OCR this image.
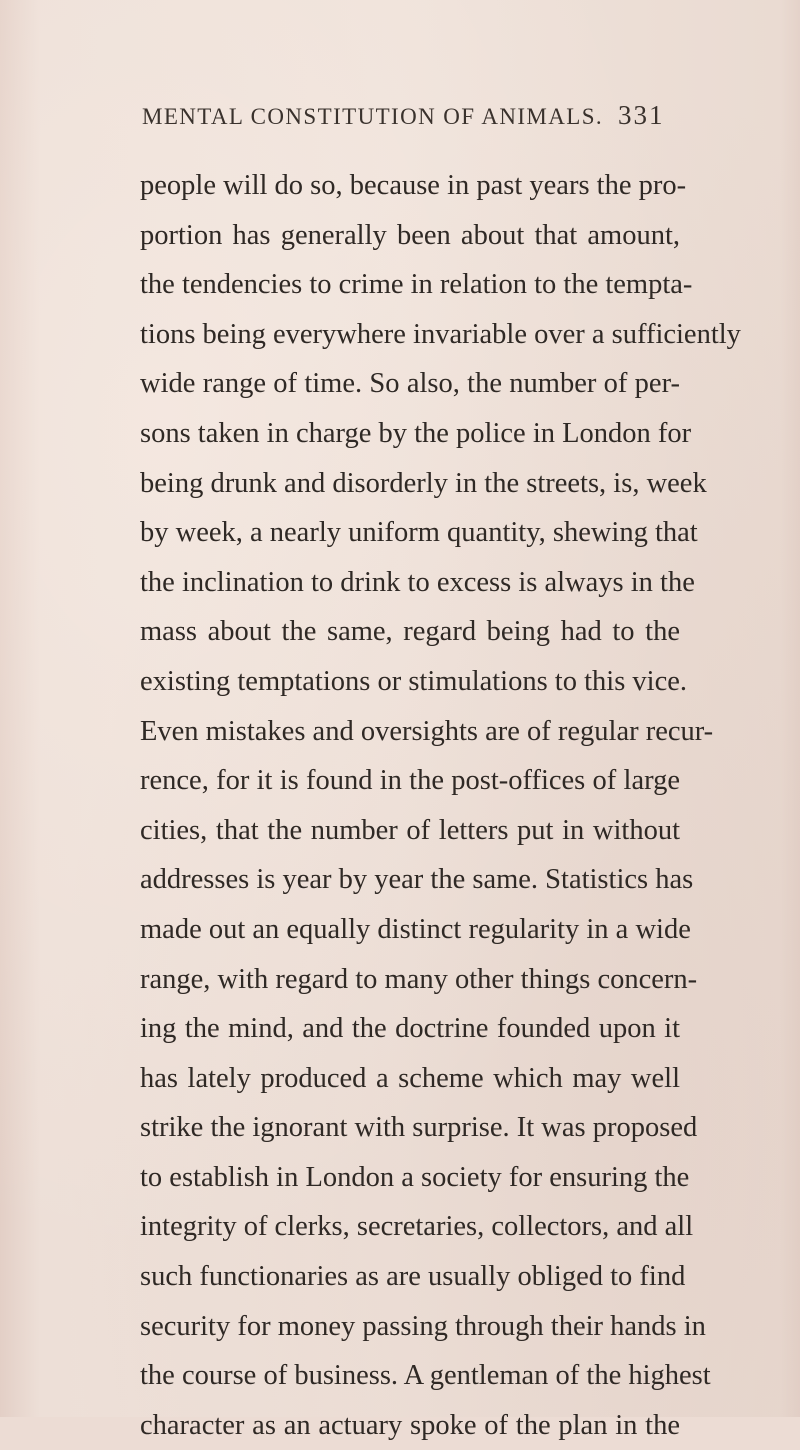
MENTAL CONSTITUTION OF ANIMALS. 331
people will do so, because in past years the pro-
portion has generally been about that amount,
the tendencies to crime in relation to the tempta-
tions being everywhere invariable over a sufficiently
wide range of time. So also, the number of per-
sons taken in charge by the police in London for
being drunk and disorderly in the streets, is, week
by week, a nearly uniform quantity, shewing that
the inclination to drink to excess is always in the
mass about the same, regard being had to the
existing temptations or stimulations to this vice.
Even mistakes and oversights are of regular recur-
rence, for it is found in the post-offices of large
cities, that the number of letters put in without
addresses is year by year the same. Statistics has
made out an equally distinct regularity in a wide
range, with regard to many other things concern-
ing the mind, and the doctrine founded upon it
has lately produced a scheme which may well
strike the ignorant with surprise. It was proposed
to establish in London a society for ensuring the
integrity of clerks, secretaries, collectors, and all
such functionaries as are usually obliged to find
security for money passing through their hands in
the course of business. A gentleman of the highest
character as an actuary spoke of the plan in the
